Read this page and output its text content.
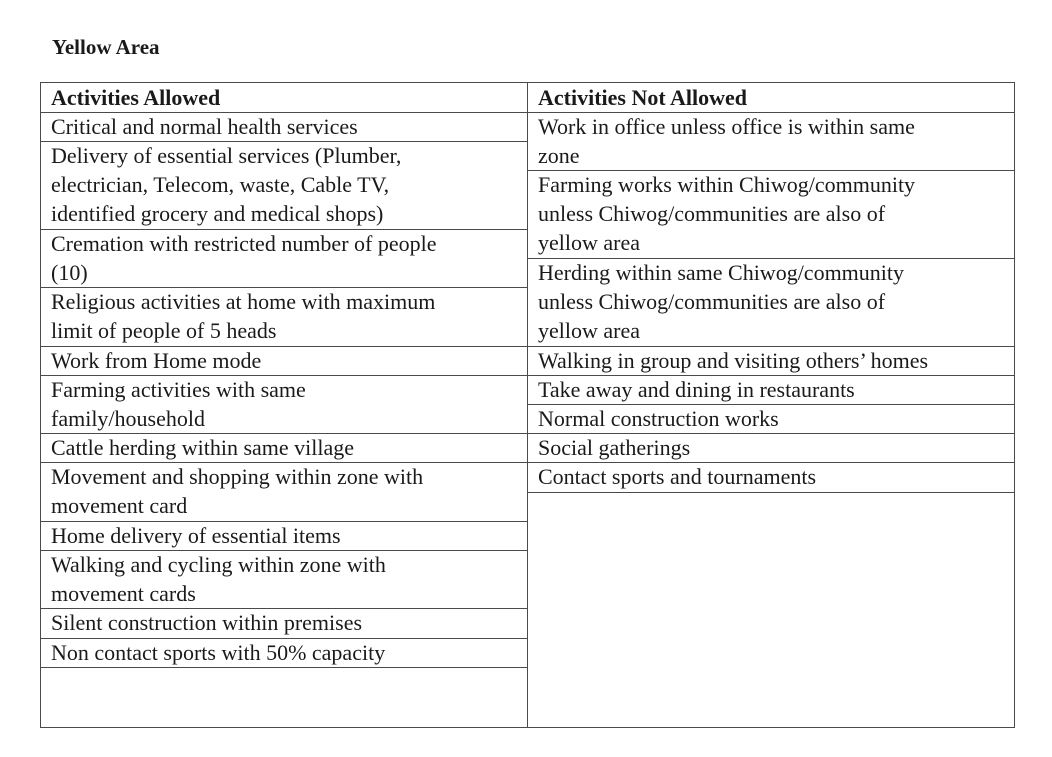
Yellow Area
Activities Allowed	Activities Not Allowed
Critical and normal health services
Delivery of essential services (Plumber,
electrician, Telecom, waste, Cable TV,
identified grocery and medical shops)
Cremation with restricted number of people
(10)
Religious activities at home with maximum
limit of people of 5 heads
Work from Home mode
Farming activities with same
family/household
Cattle herding within same village
Movement and shopping within zone with
movement card
Home delivery of essential items
Walking and cycling within zone with
movement cards
Silent construction within premises
Non contact sports with 50% capacity
Work in office unless office is within same
zone
Farming works within Chiwog/community
unless Chiwog/communities are also of
yellow area
Herding within same Chiwog/community
unless Chiwog/communities are also of
yellow area
Walking in group and visiting others’ homes
Take away and dining in restaurants
Normal construction works
Social gatherings
Contact sports and tournaments
